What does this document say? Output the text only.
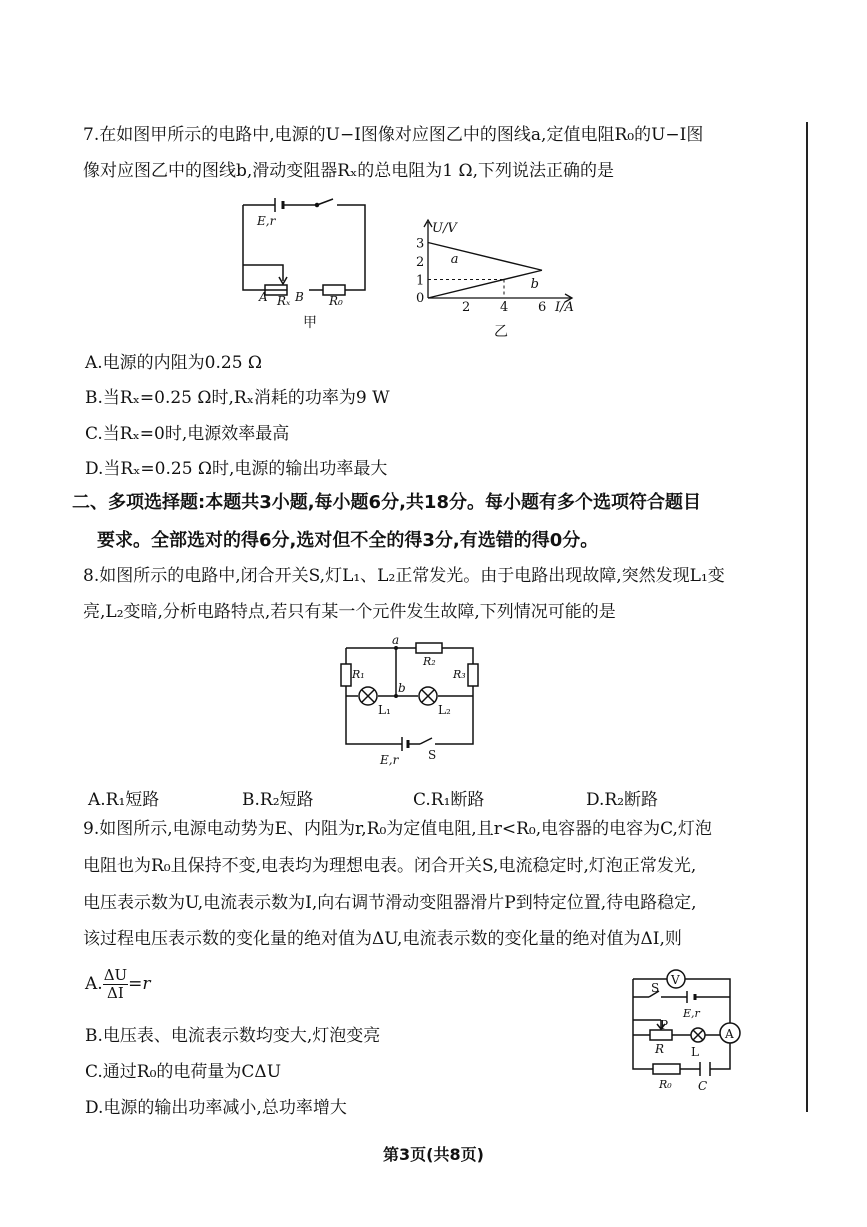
7.在如图甲所示的电路中,电源的U−I图像对应图乙中的图线a,定值电阻R₀的U−I图
像对应图乙中的图线b,滑动变阻器Rₓ的总电阻为1 Ω,下列说法正确的是
E,r
A Rₓ B R₀
甲
a
b
U/V
I/A
0
2 4 6
1
2
3
乙
A.电源的内阻为0.25 Ω
B.当Rₓ=0.25 Ω时,Rₓ消耗的功率为9 W
C.当Rₓ=0时,电源效率最高
D.当Rₓ=0.25 Ω时,电源的输出功率最大
二、多项选择题:本题共3小题,每小题6分,共18分。每小题有多个选项符合题目
要求。全部选对的得6分,选对但不全的得3分,有选错的得0分。
8.如图所示的电路中,闭合开关S,灯L₁、L₂正常发光。由于电路出现故障,突然发现L₁变
亮,L₂变暗,分析电路特点,若只有某一个元件发生故障,下列情况可能的是
a
b
R₁
R₂
R₃
L₁	L₂
E,r S
A.R₁短路	B.R₂短路	C.R₁断路	D.R₂断路
9.如图所示,电源电动势为E、内阻为r,R₀为定值电阻,且r<R₀,电容器的电容为C,灯泡
电阻也为R₀且保持不变,电表均为理想电表。闭合开关S,电流稳定时,灯泡正常发光,
电压表示数为U,电流表示数为I,向右调节滑动变阻器滑片P到特定位置,待电路稳定,
该过程电压表示数的变化量的绝对值为ΔU,电流表示数的变化量的绝对值为ΔI,则
A. $\frac{\Delta U}{\Delta I} =r$
B.电压表、电流表示数均变大,灯泡变亮
C.通过R₀的电荷量为CΔU
D.电源的输出功率减小,总功率增大
V
A
S
E,r
P
R L
R₀ C
第3页(共8页)
